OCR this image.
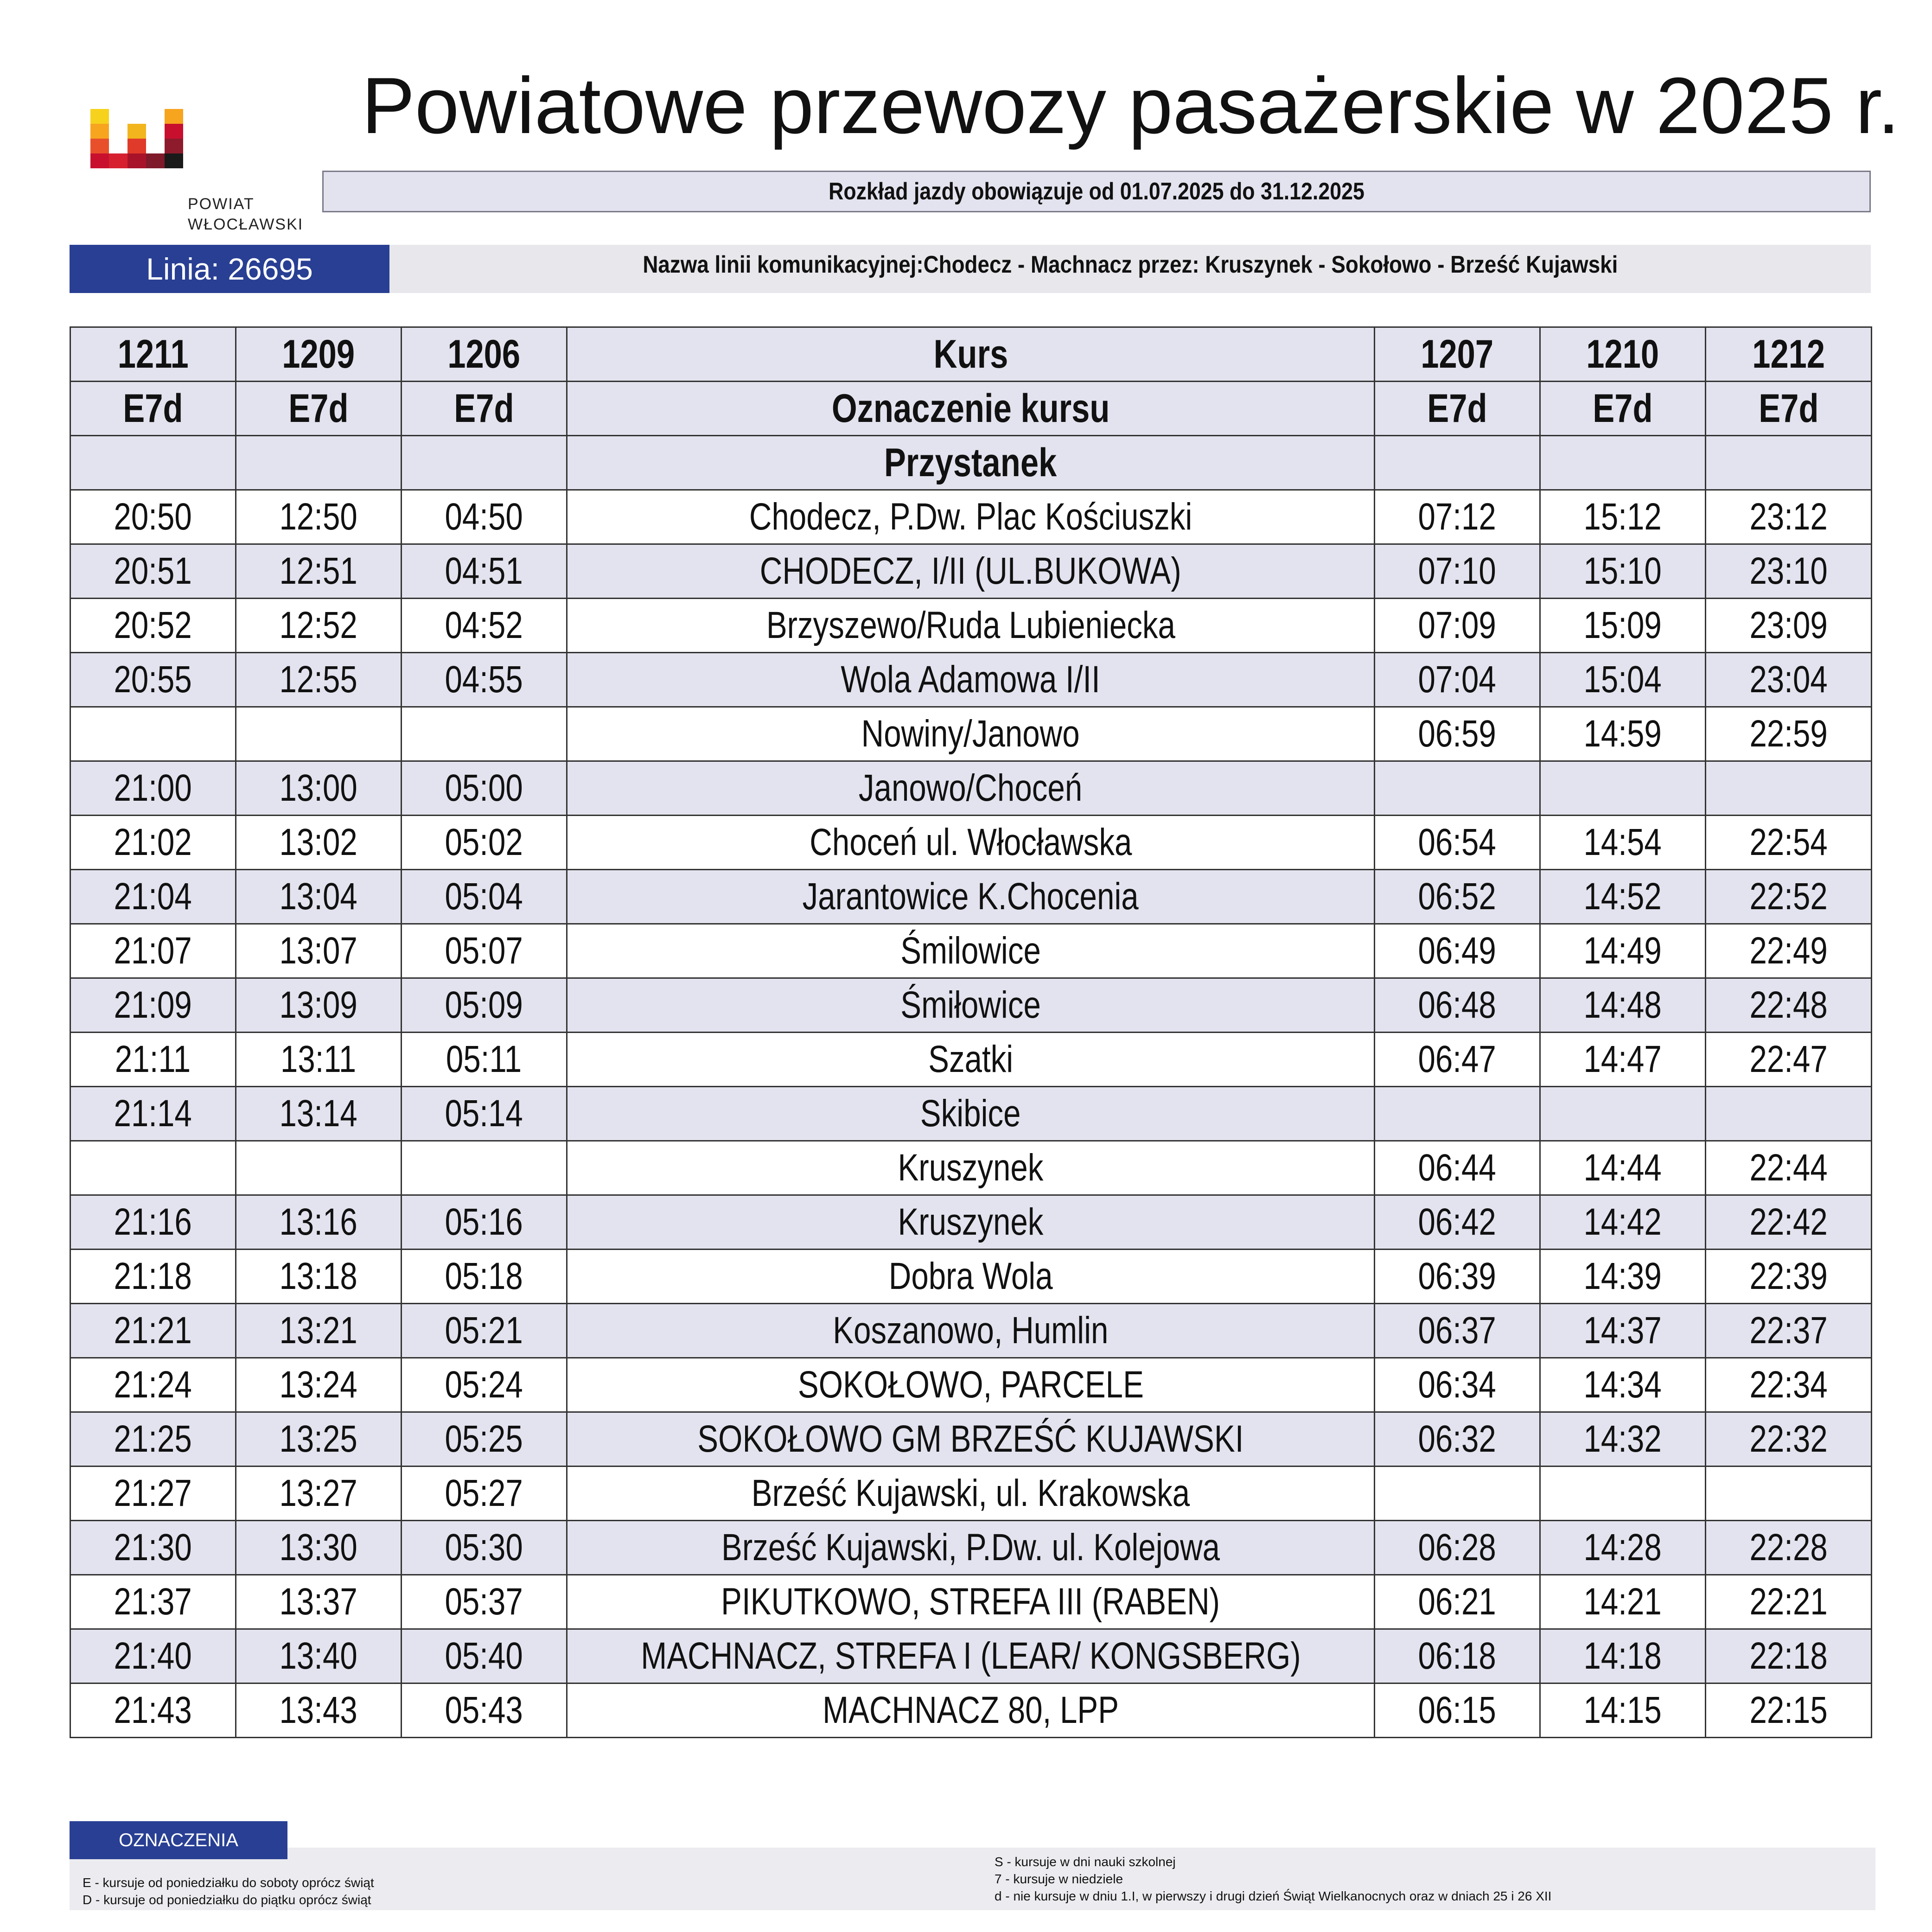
POWIAT
WŁOCŁAWSKI
Powiatowe przewozy pasażerskie w 2025 r.
Rozkład jazdy obowiązuje od 01.07.2025 do 31.12.2025
Linia: 26695	Nazwa linii komunikacyjnej:Chodecz - Machnacz przez: Kruszynek - Sokołowo - Brześć Kujawski
1211	1209	1206	Kurs	1207	1210	1212
E7d	E7d	E7d	Oznaczenie kursu	E7d	E7d	E7d
			Przystanek			
20:50	12:50	04:50	Chodecz, P.Dw. Plac Kościuszki	07:12	15:12	23:12
20:51	12:51	04:51	CHODECZ, I/II (UL.BUKOWA)	07:10	15:10	23:10
20:52	12:52	04:52	Brzyszewo/Ruda Lubieniecka	07:09	15:09	23:09
20:55	12:55	04:55	Wola Adamowa I/II	07:04	15:04	23:04
			Nowiny/Janowo	06:59	14:59	22:59
21:00	13:00	05:00	Janowo/Choceń			
21:02	13:02	05:02	Choceń ul. Włocławska	06:54	14:54	22:54
21:04	13:04	05:04	Jarantowice K.Chocenia	06:52	14:52	22:52
21:07	13:07	05:07	Śmilowice	06:49	14:49	22:49
21:09	13:09	05:09	Śmiłowice	06:48	14:48	22:48
21:11	13:11	05:11	Szatki	06:47	14:47	22:47
21:14	13:14	05:14	Skibice			
			Kruszynek	06:44	14:44	22:44
21:16	13:16	05:16	Kruszynek	06:42	14:42	22:42
21:18	13:18	05:18	Dobra Wola	06:39	14:39	22:39
21:21	13:21	05:21	Koszanowo, Humlin	06:37	14:37	22:37
21:24	13:24	05:24	SOKOŁOWO, PARCELE	06:34	14:34	22:34
21:25	13:25	05:25	SOKOŁOWO GM BRZEŚĆ KUJAWSKI	06:32	14:32	22:32
21:27	13:27	05:27	Brześć Kujawski, ul. Krakowska			
21:30	13:30	05:30	Brześć Kujawski, P.Dw. ul. Kolejowa	06:28	14:28	22:28
21:37	13:37	05:37	PIKUTKOWO, STREFA III (RABEN)	06:21	14:21	22:21
21:40	13:40	05:40	MACHNACZ, STREFA I (LEAR/ KONGSBERG)	06:18	14:18	22:18
21:43	13:43	05:43	MACHNACZ 80, LPP	06:15	14:15	22:15
OZNACZENIA
E - kursuje od poniedziałku do soboty oprócz świąt
D - kursuje od poniedziałku do piątku oprócz świąt
S - kursuje w dni nauki szkolnej
7 - kursuje w niedziele
d - nie kursuje w dniu 1.I, w pierwszy i drugi dzień Świąt Wielkanocnych oraz w dniach 25 i 26 XII
